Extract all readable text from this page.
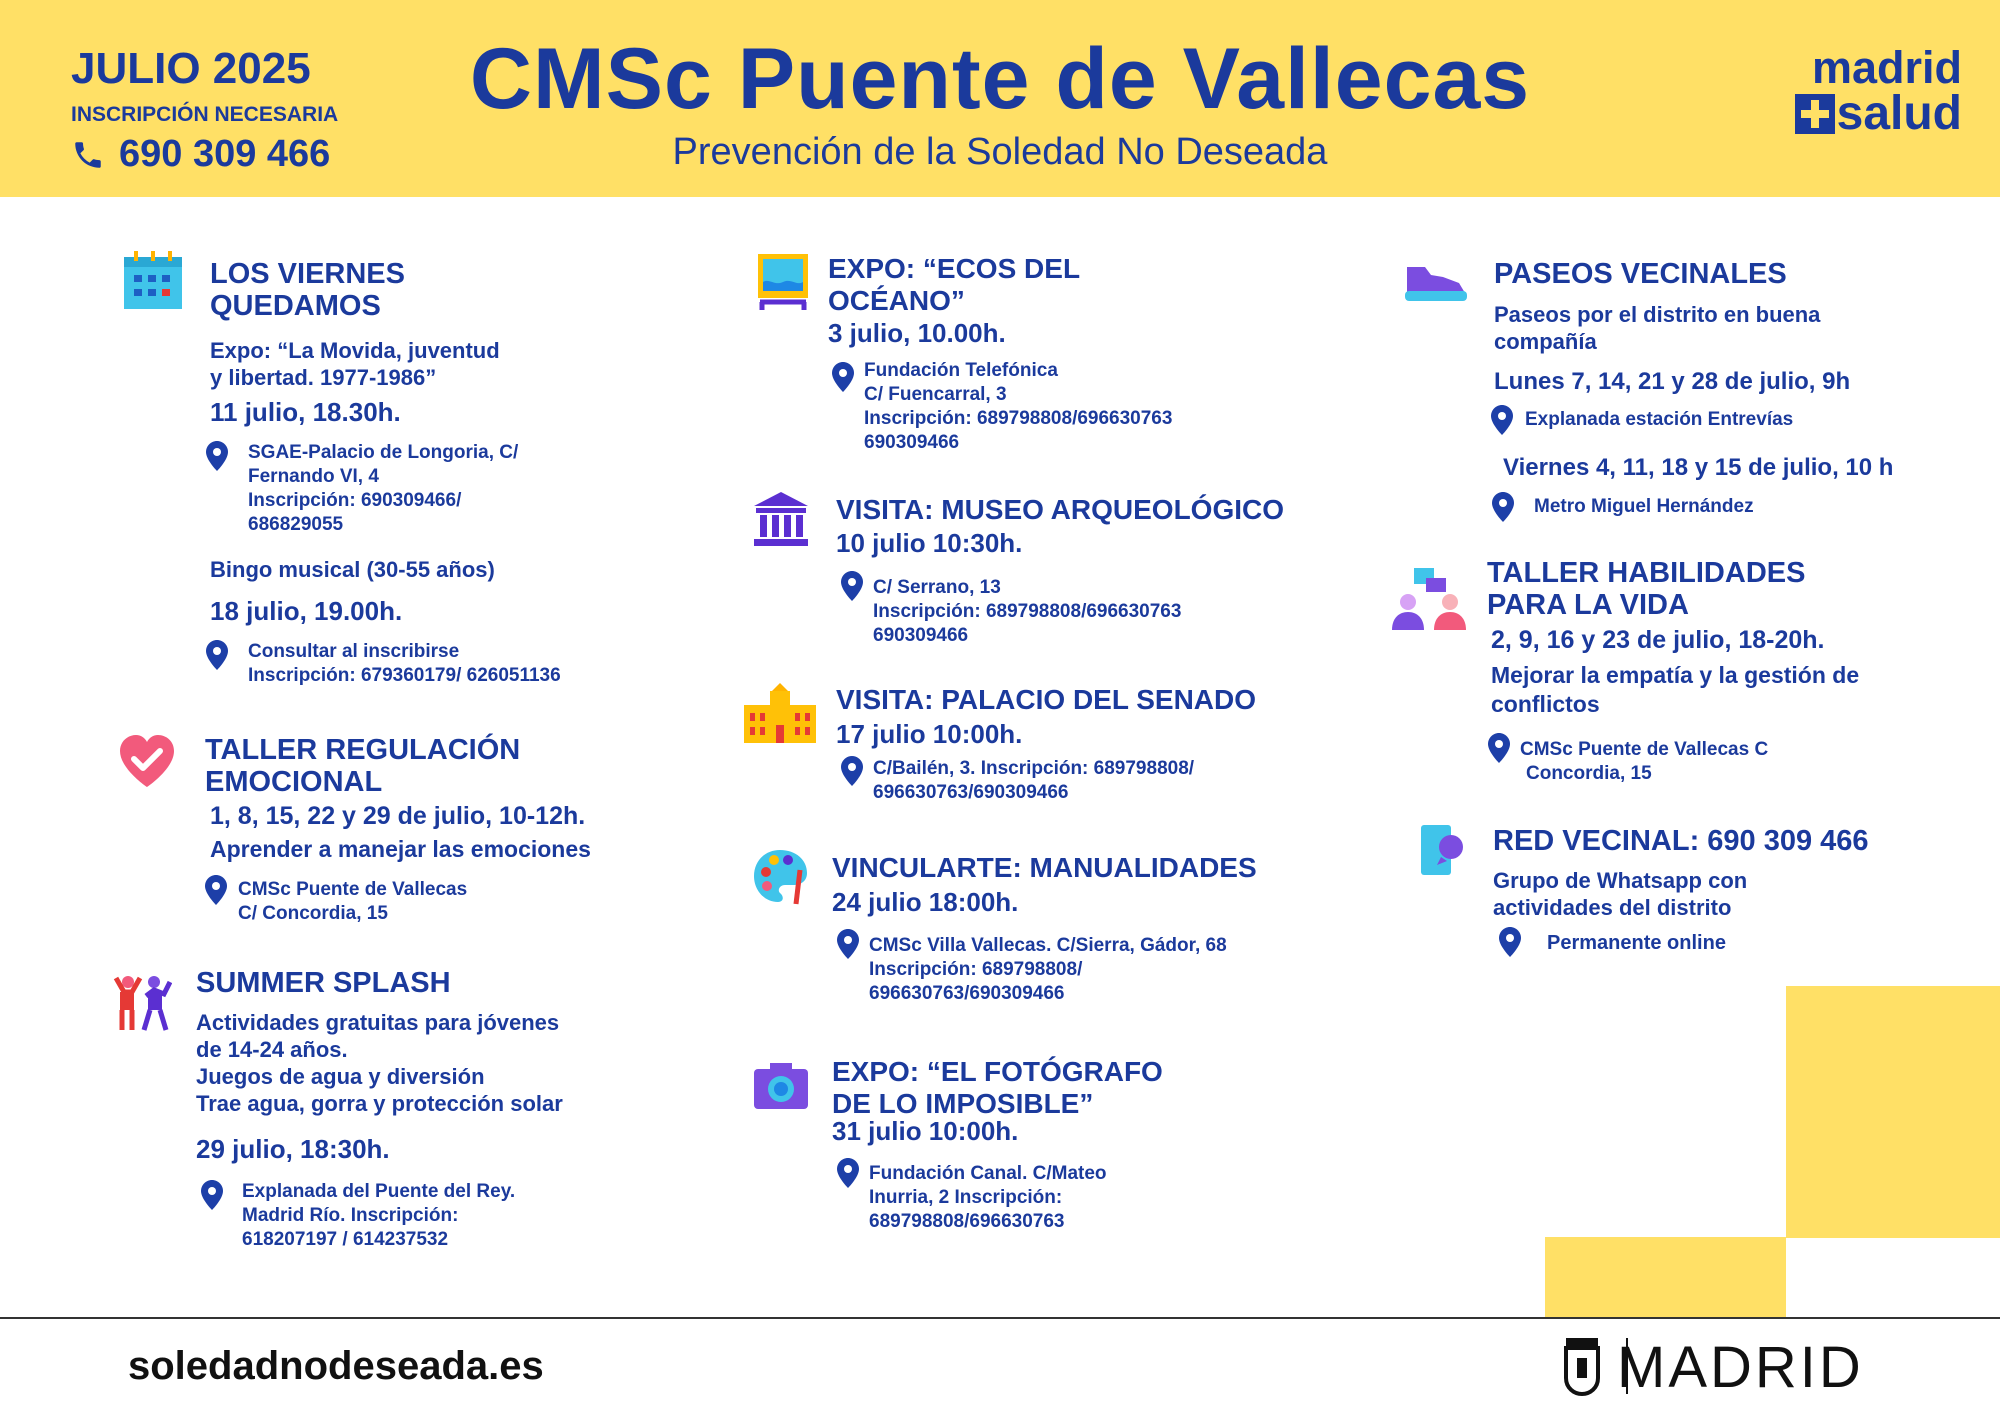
JULIO 2025
INSCRIPCIÓN NECESARIA
690 309 466
CMSc Puente de Vallecas
Prevención de la Soledad No Deseada
madrid
salud
LOS VIERNES
QUEDAMOS
Expo: “La Movida, juventud
y libertad. 1977-1986”
11 julio, 18.30h.
SGAE-Palacio de Longoria, C/
Fernando VI, 4
Inscripción: 690309466/
686829055
Bingo musical (30-55 años)
18 julio, 19.00h.
Consultar al inscribirse
Inscripción: 679360179/ 626051136
TALLER REGULACIÓN
EMOCIONAL
1, 8, 15, 22 y 29 de julio, 10-12h.
Aprender a manejar las emociones
CMSc Puente de Vallecas
C/ Concordia, 15
SUMMER SPLASH
Actividades gratuitas para jóvenes
de 14-24 años.
Juegos de agua y diversión
Trae agua, gorra y protección solar
29 julio, 18:30h.
Explanada del Puente del Rey.
Madrid Río. Inscripción:
618207197 / 614237532
EXPO: “ECOS DEL
OCÉANO”
3 julio, 10.00h.
Fundación Telefónica
C/ Fuencarral, 3
Inscripción: 689798808/696630763
690309466
VISITA: MUSEO ARQUEOLÓGICO
10 julio 10:30h.
C/ Serrano, 13
Inscripción: 689798808/696630763
690309466
VISITA: PALACIO DEL SENADO
17 julio 10:00h.
C/Bailén, 3. Inscripción: 689798808/
696630763/690309466
VINCULARTE: MANUALIDADES
24 julio 18:00h.
CMSc Villa Vallecas. C/Sierra, Gádor, 68
Inscripción: 689798808/
696630763/690309466
EXPO: “EL FOTÓGRAFO
DE LO IMPOSIBLE”
31 julio 10:00h.
Fundación Canal. C/Mateo
Inurria, 2 Inscripción:
689798808/696630763
PASEOS VECINALES
Paseos por el distrito en buena
compañía
Lunes 7, 14, 21 y 28 de julio, 9h
Explanada estación Entrevías
Viernes 4, 11, 18 y 15 de julio, 10 h
Metro Miguel Hernández
TALLER HABILIDADES
PARA LA VIDA
2, 9, 16 y 23 de julio, 18-20h.
Mejorar la empatía y la gestión de
conflictos
CMSc Puente de Vallecas C
Concordia, 15
RED VECINAL: 690 309 466
Grupo de Whatsapp con
actividades del distrito
Permanente online
soledadnodeseada.es	MADRID
